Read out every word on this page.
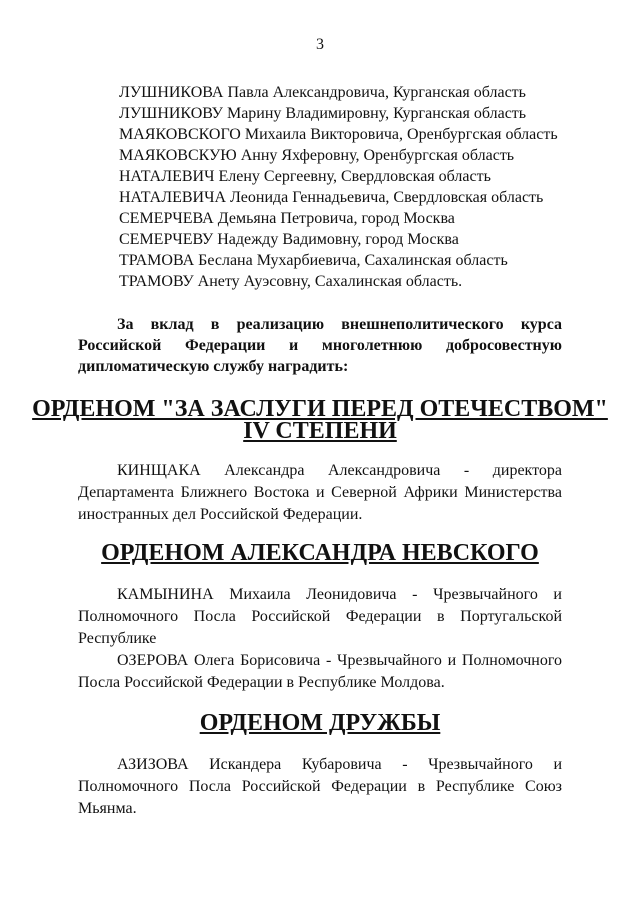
3
ЛУШНИКОВА Павла Александровича, Курганская область
ЛУШНИКОВУ Марину Владимировну, Курганская область
МАЯКОВСКОГО Михаила Викторовича, Оренбургская область
МАЯКОВСКУЮ Анну Яхферовну, Оренбургская область
НАТАЛЕВИЧ Елену Сергеевну, Свердловская область
НАТАЛЕВИЧА Леонида Геннадьевича, Свердловская область
СЕМЕРЧЕВА Демьяна Петровича, город Москва
СЕМЕРЧЕВУ Надежду Вадимовну, город Москва
ТРАМОВА Беслана Мухарбиевича, Сахалинская область
ТРАМОВУ Анету Ауэсовну, Сахалинская область.

За вклад в реализацию внешнеполитического курса Российской Федерации и многолетнюю добросовестную дипломатическую службу наградить:

ОРДЕНОМ "ЗА ЗАСЛУГИ ПЕРЕД ОТЕЧЕСТВОМ"
IV СТЕПЕНИ

КИНЩАКА Александра Александровича - директора Департамента Ближнего Востока и Северной Африки Министерства иностранных дел Российской Федерации.

ОРДЕНОМ АЛЕКСАНДРА НЕВСКОГО

КАМЫНИНА Михаила Леонидовича - Чрезвычайного и Полномочного Посла Российской Федерации в Португальской Республике

ОЗЕРОВА Олега Борисовича - Чрезвычайного и Полномочного Посла Российской Федерации в Республике Молдова.

ОРДЕНОМ ДРУЖБЫ

АЗИЗОВА Искандера Кубаровича - Чрезвычайного и Полномочного Посла Российской Федерации в Республике Союз Мьянма.
